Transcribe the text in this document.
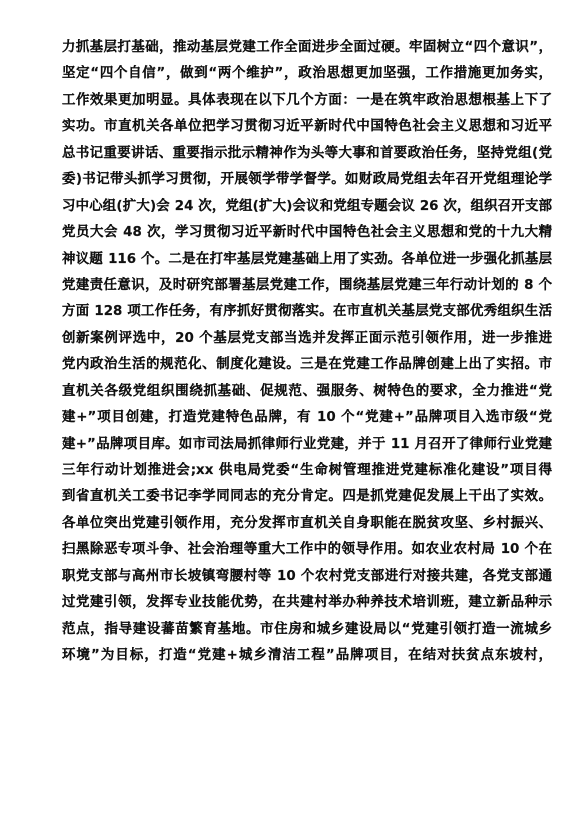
力抓基层打基础，推动基层党建工作全面进步全面过硬。牢固树立“四个意识”，
坚定“四个自信”，做到“两个维护”，政治思想更加坚强，工作措施更加务实，
工作效果更加明显。具体表现在以下几个方面：一是在筑牢政治思想根基上下了
实功。市直机关各单位把学习贯彻习近平新时代中国特色社会主义思想和习近平
总书记重要讲话、重要指示批示精神作为头等大事和首要政治任务，坚持党组(党
委)书记带头抓学习贯彻，开展领学带学督学。如财政局党组去年召开党组理论学
习中心组(扩大)会 24 次，党组(扩大)会议和党组专题会议 26 次，组织召开支部
党员大会 48 次，学习贯彻习近平新时代中国特色社会主义思想和党的十九大精
神议题 116 个。二是在打牢基层党建基础上用了实劲。各单位进一步强化抓基层
党建责任意识，及时研究部署基层党建工作，围绕基层党建三年行动计划的 8 个
方面 128 项工作任务，有序抓好贯彻落实。在市直机关基层党支部优秀组织生活
创新案例评选中，20 个基层党支部当选并发挥正面示范引领作用，进一步推进
党内政治生活的规范化、制度化建设。三是在党建工作品牌创建上出了实招。市
直机关各级党组织围绕抓基础、促规范、强服务、树特色的要求，全力推进“党
建+”项目创建，打造党建特色品牌，有 10 个“党建+”品牌项目入选市级“党
建+”品牌项目库。如市司法局抓律师行业党建，并于 11 月召开了律师行业党建
三年行动计划推进会;xx 供电局党委“生命树管理推进党建标准化建设”项目得
到省直机关工委书记李学同同志的充分肯定。四是抓党建促发展上干出了实效。
各单位突出党建引领作用，充分发挥市直机关自身职能在脱贫攻坚、乡村振兴、
扫黑除恶专项斗争、社会治理等重大工作中的领导作用。如农业农村局 10 个在
职党支部与高州市长坡镇弯腰村等 10 个农村党支部进行对接共建，各党支部通
过党建引领，发挥专业技能优势，在共建村举办种养技术培训班，建立新品种示
范点，指导建设蕃苗繁育基地。市住房和城乡建设局以“党建引领打造一流城乡
环境”为目标，打造“党建+城乡清洁工程”品牌项目，在结对扶贫点东坡村，
